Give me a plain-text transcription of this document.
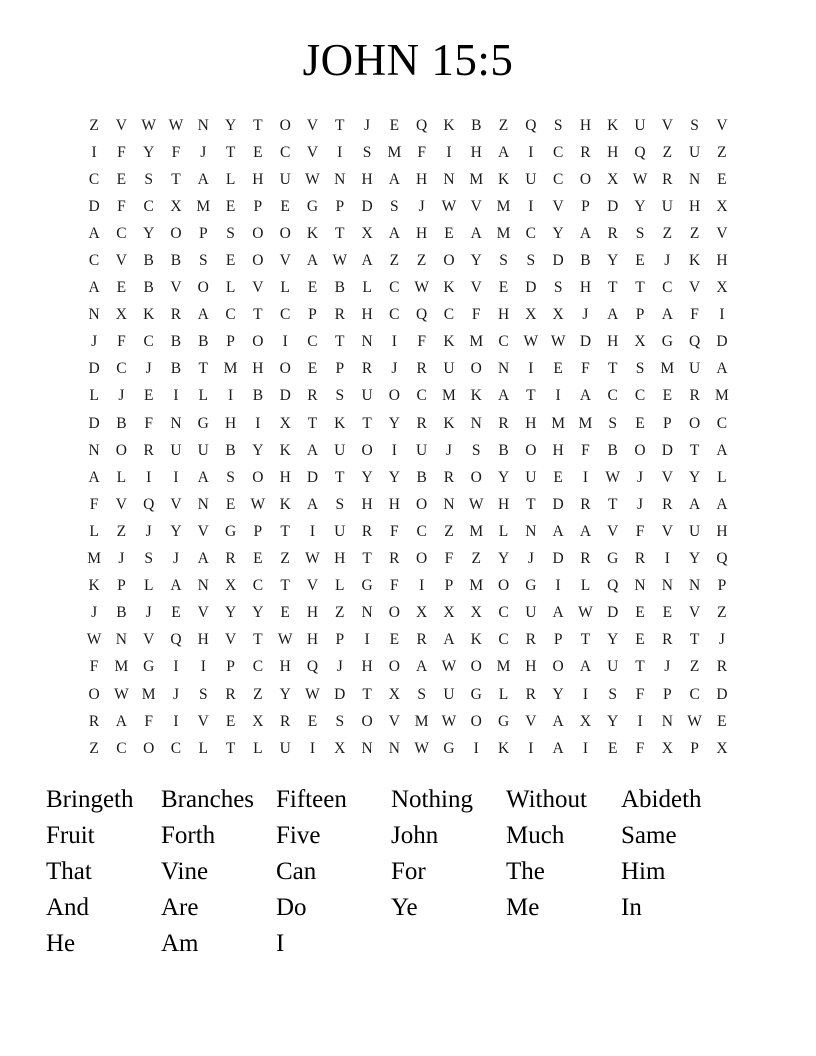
JOHN 15:5
Z	V	W	W	N	Y	T	O	V	T	J	E	Q	K	B	Z	Q	S	H	K	U	V	S	V
I	F	Y	F	J	T	E	C	V	I	S	M	F	I	H	A	I	C	R	H	Q	Z	U	Z
C	E	S	T	A	L	H	U	W	N	H	A	H	N	M	K	U	C	O	X	W	R	N	E
D	F	C	X	M	E	P	E	G	P	D	S	J	W	V	M	I	V	P	D	Y	U	H	X
A	C	Y	O	P	S	O	O	K	T	X	A	H	E	A	M	C	Y	A	R	S	Z	Z	V
C	V	B	B	S	E	O	V	A	W	A	Z	Z	O	Y	S	S	D	B	Y	E	J	K	H
A	E	B	V	O	L	V	L	E	B	L	C	W	K	V	E	D	S	H	T	T	C	V	X
N	X	K	R	A	C	T	C	P	R	H	C	Q	C	F	H	X	X	J	A	P	A	F	I
J	F	C	B	B	P	O	I	C	T	N	I	F	K	M	C	W	W	D	H	X	G	Q	D
D	C	J	B	T	M	H	O	E	P	R	J	R	U	O	N	I	E	F	T	S	M	U	A
L	J	E	I	L	I	B	D	R	S	U	O	C	M	K	A	T	I	A	C	C	E	R	M
D	B	F	N	G	H	I	X	T	K	T	Y	R	K	N	R	H	M	M	S	E	P	O	C
N	O	R	U	U	B	Y	K	A	U	O	I	U	J	S	B	O	H	F	B	O	D	T	A
A	L	I	I	A	S	O	H	D	T	Y	Y	B	R	O	Y	U	E	I	W	J	V	Y	L
F	V	Q	V	N	E	W	K	A	S	H	H	O	N	W	H	T	D	R	T	J	R	A	A
L	Z	J	Y	V	G	P	T	I	U	R	F	C	Z	M	L	N	A	A	V	F	V	U	H
M	J	S	J	A	R	E	Z	W	H	T	R	O	F	Z	Y	J	D	R	G	R	I	Y	Q
K	P	L	A	N	X	C	T	V	L	G	F	I	P	M	O	G	I	L	Q	N	N	N	P
J	B	J	E	V	Y	Y	E	H	Z	N	O	X	X	X	C	U	A	W	D	E	E	V	Z
W	N	V	Q	H	V	T	W	H	P	I	E	R	A	K	C	R	P	T	Y	E	R	T	J
F	M	G	I	I	P	C	H	Q	J	H	O	A	W	O	M	H	O	A	U	T	J	Z	R
O	W	M	J	S	R	Z	Y	W	D	T	X	S	U	G	L	R	Y	I	S	F	P	C	D
R	A	F	I	V	E	X	R	E	S	O	V	M	W	O	G	V	A	X	Y	I	N	W	E
Z	C	O	C	L	T	L	U	I	X	N	N	W	G	I	K	I	A	I	E	F	X	P	X
Bringeth	Branches	Fifteen	Nothing	Without	Abideth
Fruit	Forth	Five	John	Much	Same
That	Vine	Can	For	The	Him
And	Are	Do	Ye	Me	In
He	Am	I			
